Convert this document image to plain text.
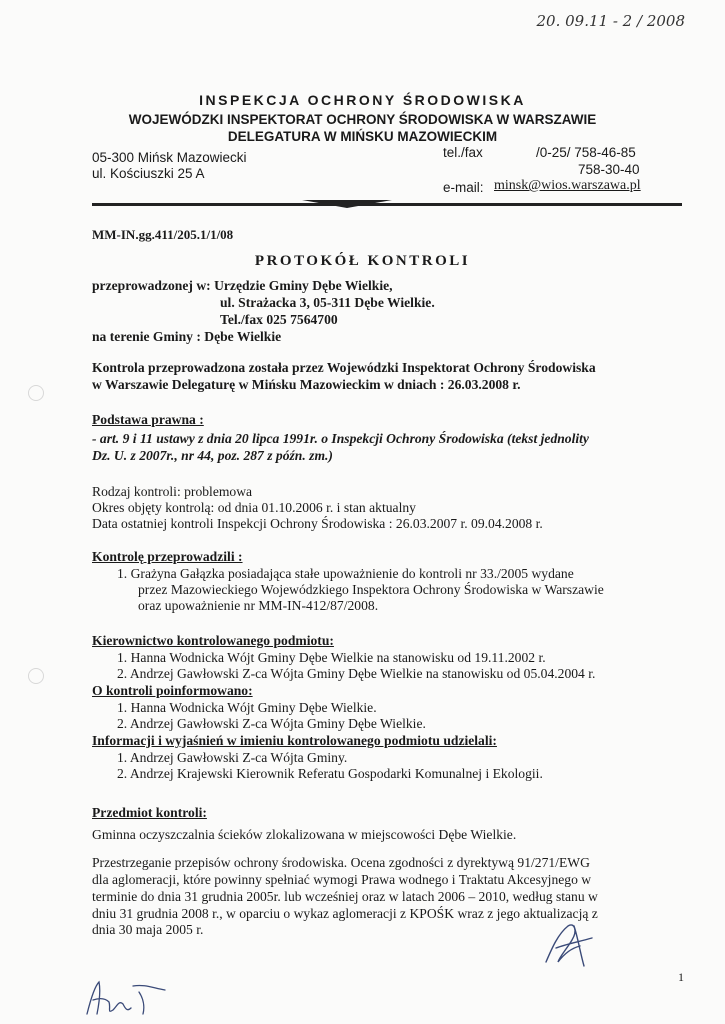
20. 09.11 - 2 / 2008
INSPEKCJA OCHRONY ŚRODOWISKA
WOJEWÓDZKI INSPEKTORAT OCHRONY ŚRODOWISKA W WARSZAWIE
DELEGATURA W MIŃSKU MAZOWIECKIM
05-300 Mińsk Mazowiecki
ul. Kościuszki 25 A
tel./fax	/0-25/ 758-46-85
758-30-40
e-mail: minsk@wios.warszawa.pl
MM-IN.gg.411/205.1/1/08
PROTOKÓŁ KONTROLI
przeprowadzonej w: Urzędzie Gminy Dębe Wielkie,
ul. Strażacka 3, 05-311 Dębe Wielkie.
Tel./fax 025 7564700
na terenie Gminy : Dębe Wielkie
Kontrola przeprowadzona została przez Wojewódzki Inspektorat Ochrony Środowiska
w Warszawie Delegaturę w Mińsku Mazowieckim w dniach : 26.03.2008 r.
Podstawa prawna :
- art. 9 i 11 ustawy z dnia 20 lipca 1991r. o Inspekcji Ochrony Środowiska (tekst jednolity
Dz. U. z 2007r., nr 44, poz. 287 z późn. zm.)
Rodzaj kontroli: problemowa
Okres objęty kontrolą: od dnia 01.10.2006 r. i stan aktualny
Data ostatniej kontroli Inspekcji Ochrony Środowiska : 26.03.2007 r. 09.04.2008 r.
Kontrolę przeprowadzili :
1. Grażyna Gałązka posiadająca stałe upoważnienie do kontroli nr 33./2005 wydane
przez Mazowieckiego Wojewódzkiego Inspektora Ochrony Środowiska w Warszawie
oraz upoważnienie nr MM-IN-412/87/2008.
Kierownictwo kontrolowanego podmiotu:
1. Hanna Wodnicka Wójt Gminy Dębe Wielkie na stanowisku od 19.11.2002 r.
2. Andrzej Gawłowski Z-ca Wójta Gminy Dębe Wielkie na stanowisku od 05.04.2004 r.
O kontroli poinformowano:
1. Hanna Wodnicka Wójt Gminy Dębe Wielkie.
2. Andrzej Gawłowski Z-ca Wójta Gminy Dębe Wielkie.
Informacji i wyjaśnień w imieniu kontrolowanego podmiotu udzielali:
1. Andrzej Gawłowski Z-ca Wójta Gminy.
2. Andrzej Krajewski Kierownik Referatu Gospodarki Komunalnej i Ekologii.
Przedmiot kontroli:
Gminna oczyszczalnia ścieków zlokalizowana w miejscowości Dębe Wielkie.
Przestrzeganie przepisów ochrony środowiska. Ocena zgodności z dyrektywą 91/271/EWG
dla aglomeracji, które powinny spełniać wymogi Prawa wodnego i Traktatu Akcesyjnego w
terminie do dnia 31 grudnia 2005r. lub wcześniej oraz w latach 2006 – 2010, według stanu w
dniu 31 grudnia 2008 r., w oparciu o wykaz aglomeracji z KPOŚK wraz z jego aktualizacją z
dnia 30 maja 2005 r.
1
